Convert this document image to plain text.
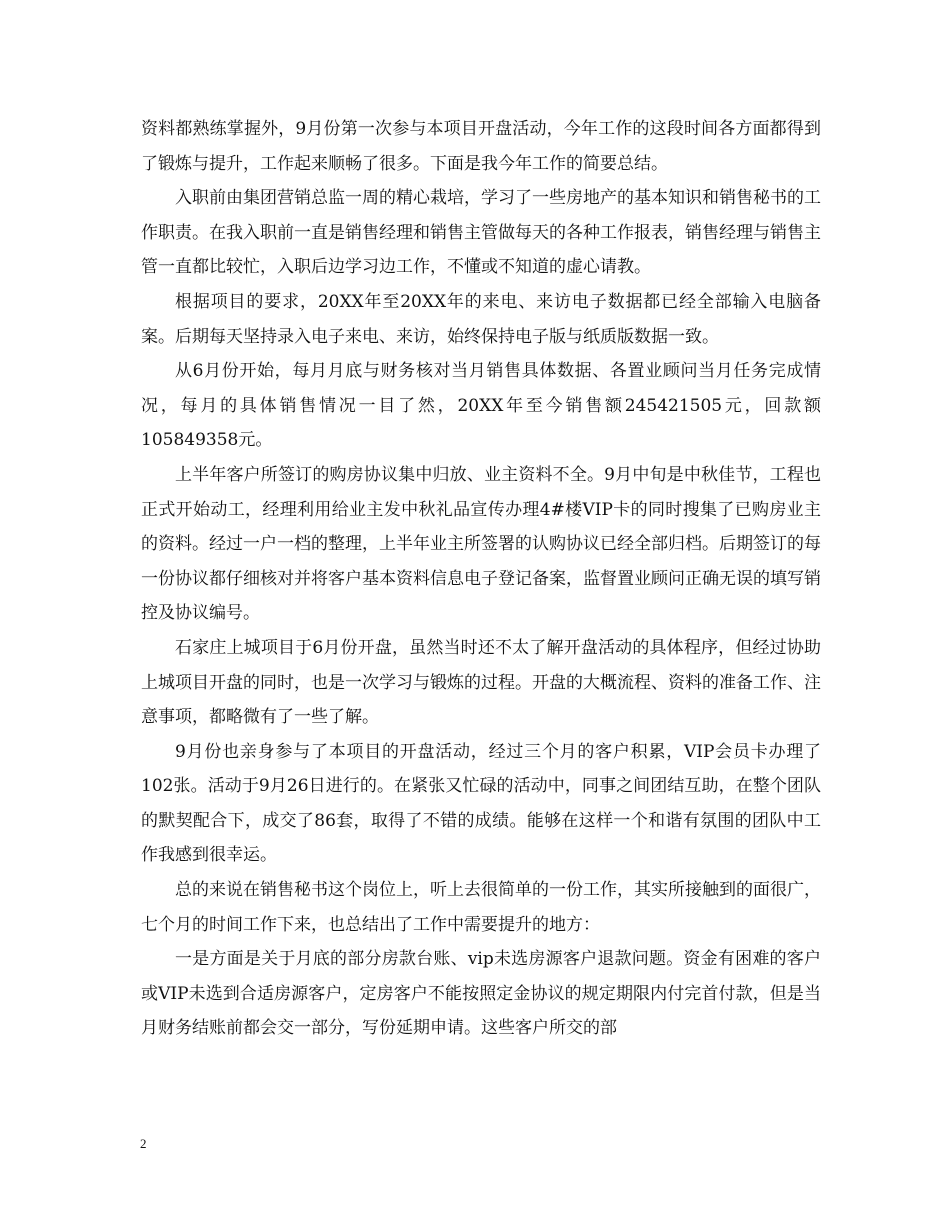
资料都熟练掌握外，9月份第一次参与本项目开盘活动，今年工作的这段时间各方面都得到了锻炼与提升，工作起来顺畅了很多。下面是我今年工作的简要总结。

入职前由集团营销总监一周的精心栽培，学习了一些房地产的基本知识和销售秘书的工作职责。在我入职前一直是销售经理和销售主管做每天的各种工作报表，销售经理与销售主管一直都比较忙，入职后边学习边工作，不懂或不知道的虚心请教。

根据项目的要求，20XX年至20XX年的来电、来访电子数据都已经全部输入电脑备案。后期每天坚持录入电子来电、来访，始终保持电子版与纸质版数据一致。

从6月份开始，每月月底与财务核对当月销售具体数据、各置业顾问当月任务完成情况，每月的具体销售情况一目了然，20XX年至今销售额245421505元，回款额105849358元。

上半年客户所签订的购房协议集中归放、业主资料不全。9月中旬是中秋佳节，工程也正式开始动工，经理利用给业主发中秋礼品宣传办理4#楼VIP卡的同时搜集了已购房业主的资料。经过一户一档的整理，上半年业主所签署的认购协议已经全部归档。后期签订的每一份协议都仔细核对并将客户基本资料信息电子登记备案，监督置业顾问正确无误的填写销控及协议编号。

石家庄上城项目于6月份开盘，虽然当时还不太了解开盘活动的具体程序，但经过协助上城项目开盘的同时，也是一次学习与锻炼的过程。开盘的大概流程、资料的准备工作、注意事项，都略微有了一些了解。

9月份也亲身参与了本项目的开盘活动，经过三个月的客户积累，VIP会员卡办理了102张。活动于9月26日进行的。在紧张又忙碌的活动中，同事之间团结互助，在整个团队的默契配合下，成交了86套，取得了不错的成绩。能够在这样一个和谐有氛围的团队中工作我感到很幸运。

总的来说在销售秘书这个岗位上，听上去很简单的一份工作，其实所接触到的面很广，七个月的时间工作下来，也总结出了工作中需要提升的地方：

一是方面是关于月底的部分房款台账、vip未选房源客户退款问题。资金有困难的客户或VIP未选到合适房源客户，定房客户不能按照定金协议的规定期限内付完首付款，但是当月财务结账前都会交一部分，写份延期申请。这些客户所交的部

2
